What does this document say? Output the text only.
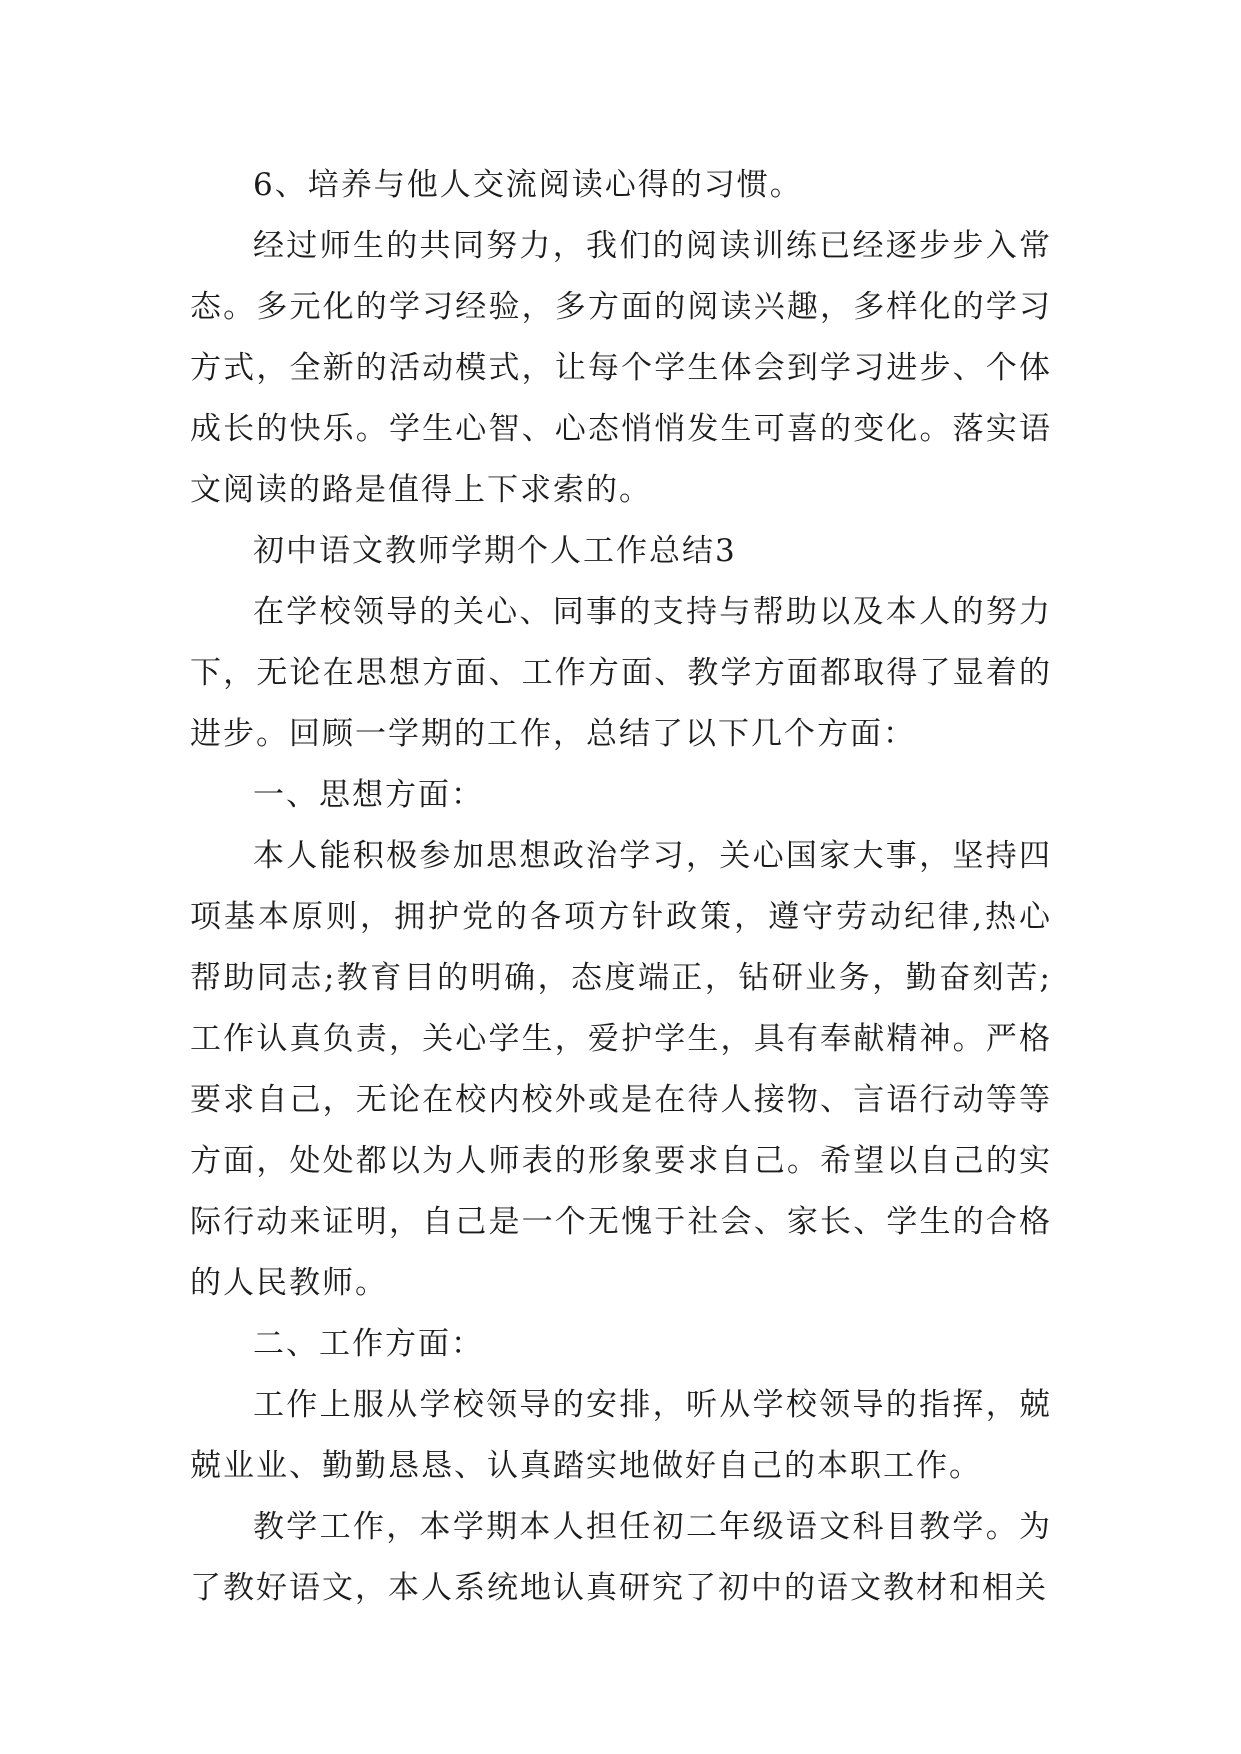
6、培养与他人交流阅读心得的习惯。

经过师生的共同努力，我们的阅读训练已经逐步步入常态。多元化的学习经验，多方面的阅读兴趣，多样化的学习方式，全新的活动模式，让每个学生体会到学习进步、个体成长的快乐。学生心智、心态悄悄发生可喜的变化。落实语文阅读的路是值得上下求索的。

初中语文教师学期个人工作总结3

在学校领导的关心、同事的支持与帮助以及本人的努力下，无论在思想方面、工作方面、教学方面都取得了显着的进步。回顾一学期的工作，总结了以下几个方面：

一、思想方面：

本人能积极参加思想政治学习，关心国家大事，坚持四项基本原则，拥护党的各项方针政策，遵守劳动纪律,热心帮助同志;教育目的明确，态度端正，钻研业务，勤奋刻苦;工作认真负责，关心学生，爱护学生，具有奉献精神。严格要求自己，无论在校内校外或是在待人接物、言语行动等等方面，处处都以为人师表的形象要求自己。希望以自己的实际行动来证明，自己是一个无愧于社会、家长、学生的合格的人民教师。

二、工作方面：

工作上服从学校领导的安排，听从学校领导的指挥，兢兢业业、勤勤恳恳、认真踏实地做好自己的本职工作。

教学工作，本学期本人担任初二年级语文科目教学。为了教好语文，本人系统地认真研究了初中的语文教材和相关
